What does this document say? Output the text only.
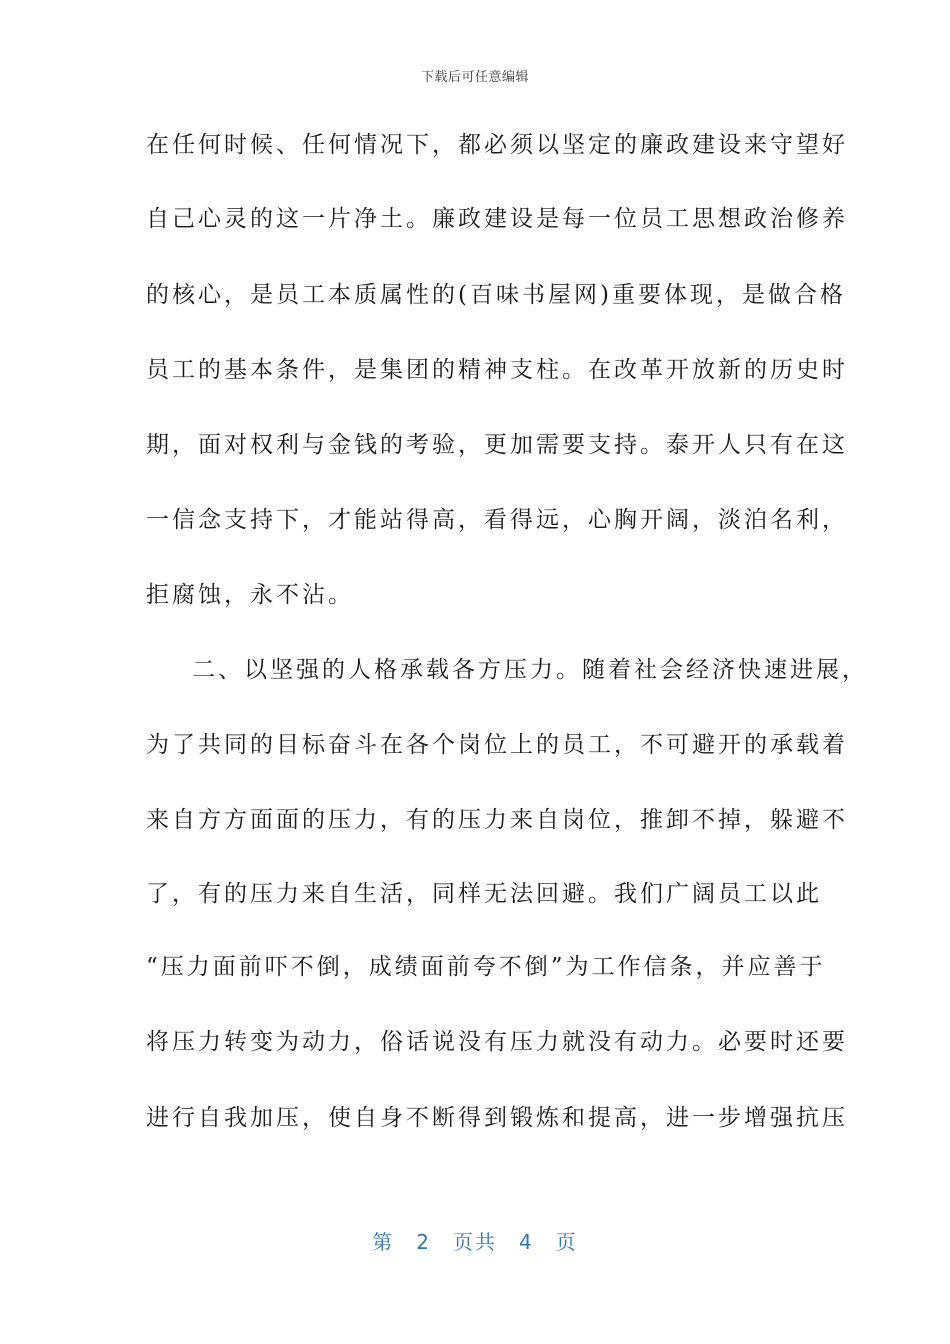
下载后可任意编辑
在任何时候、任何情况下，都必须以坚定的廉政建设来守望好
自己心灵的这一片净土。廉政建设是每一位员工思想政治修养
的核心，是员工本质属性的(百味书屋网)重要体现，是做合格
员工的基本条件，是集团的精神支柱。在改革开放新的历史时
期，面对权利与金钱的考验，更加需要支持。泰开人只有在这
一信念支持下，才能站得高，看得远，心胸开阔，淡泊名利，
拒腐蚀，永不沾。
二、以坚强的人格承载各方压力。随着社会经济快速进展，
为了共同的目标奋斗在各个岗位上的员工，不可避开的承载着
来自方方面面的压力，有的压力来自岗位，推卸不掉，躲避不
了，有的压力来自生活，同样无法回避。我们广阔员工以此
“压力面前吓不倒，成绩面前夸不倒”为工作信条，并应善于
将压力转变为动力，俗话说没有压力就没有动力。必要时还要
进行自我加压，使自身不断得到锻炼和提高，进一步增强抗压
第 2 页共 4 页
